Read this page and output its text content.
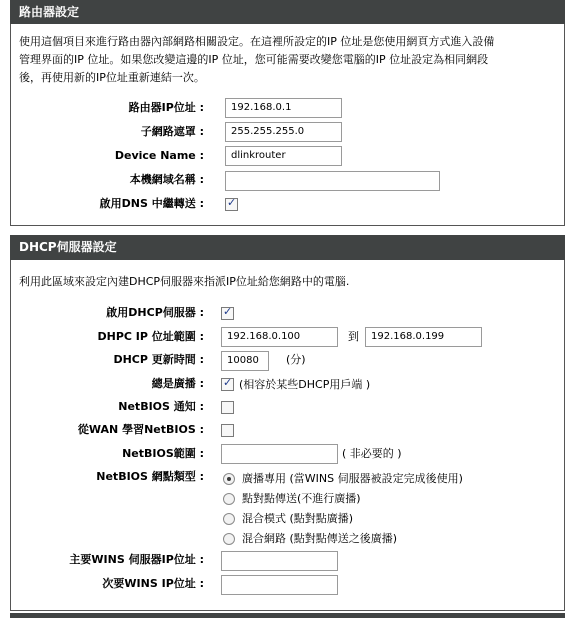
路由器設定
使用這個項目來進行路由器內部網路相關設定。在這裡所設定的IP 位址是您使用網頁方式進入設備
管理界面的IP 位址。如果您改變這邊的IP 位址，您可能需要改變您電腦的IP 位址設定為相同網段
後，再使用新的IP位址重新連結一次。
路由器IP位址 :	192.168.0.1
子網路遮罩 :	255.255.255.0
Device Name :	dlinkrouter
本機網域名稱 :
啟用DNS 中繼轉送 :
✓
DHCP伺服器設定
利用此區域來設定內建DHCP伺服器來指派IP位址給您網路中的電腦.
啟用DHCP伺服器 :
✓
DHPC IP 位址範圍 :	192.168.0.100	到	192.168.0.199
DHCP 更新時間 :	10080	(分)
總是廣播 :
✓	(相容於某些DHCP用戶端 )
NetBIOS 通知 :
從WAN 學習NetBIOS :
NetBIOS範圍 :	( 非必要的 )
NetBIOS 網點類型 :	廣播專用 (當WINS 伺服器被設定完成後使用)
點對點傳送(不進行廣播)
混合模式 (點對點廣播)
混合網路 (點對點傳送之後廣播)
主要WINS 伺服器IP位址 :
次要WINS IP位址 :
